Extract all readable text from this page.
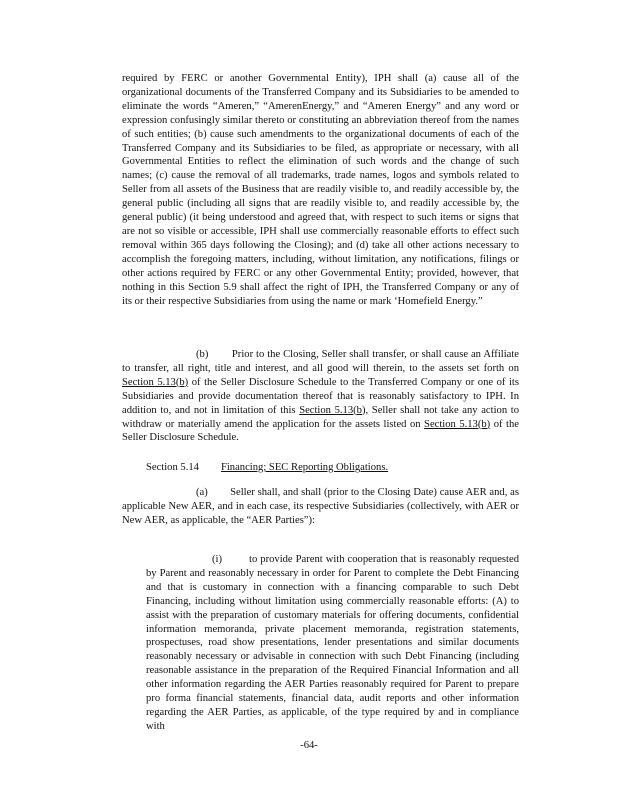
required by FERC or another Governmental Entity), IPH shall (a) cause all of the organizational documents of the Transferred Company and its Subsidiaries to be amended to eliminate the words “Ameren,” “AmerenEnergy,” and “Ameren Energy” and any word or expression confusingly similar thereto or constituting an abbreviation thereof from the names of such entities; (b) cause such amendments to the organizational documents of each of the Transferred Company and its Subsidiaries to be filed, as appropriate or necessary, with all Governmental Entities to reflect the elimination of such words and the change of such names; (c) cause the removal of all trademarks, trade names, logos and symbols related to Seller from all assets of the Business that are readily visible to, and readily accessible by, the general public (including all signs that are readily visible to, and readily accessible by, the general public) (it being understood and agreed that, with respect to such items or signs that are not so visible or accessible, IPH shall use commercially reasonable efforts to effect such removal within 365 days following the Closing); and (d) take all other actions necessary to accomplish the foregoing matters, including, without limitation, any notifications, filings or other actions required by FERC or any other Governmental Entity; provided, however, that nothing in this Section 5.9 shall affect the right of IPH, the Transferred Company or any of its or their respective Subsidiaries from using the name or mark ‘Homefield Energy.”

(b) Prior to the Closing, Seller shall transfer, or shall cause an Affiliate to transfer, all right, title and interest, and all good will therein, to the assets set forth on Section 5.13(b) of the Seller Disclosure Schedule to the Transferred Company or one of its Subsidiaries and provide documentation thereof that is reasonably satisfactory to IPH. In addition to, and not in limitation of this Section 5.13(b), Seller shall not take any action to withdraw or materially amend the application for the assets listed on Section 5.13(b) of the Seller Disclosure Schedule.

Section 5.14 Financing; SEC Reporting Obligations.

(a) Seller shall, and shall (prior to the Closing Date) cause AER and, as applicable New AER, and in each case, its respective Subsidiaries (collectively, with AER or New AER, as applicable, the “AER Parties”):

(i)	to provide Parent with cooperation that is reasonably requested by Parent and reasonably necessary in order for Parent to complete the Debt Financing and that is customary in connection with a financing comparable to such Debt Financing, including without limitation using commercially reasonable efforts: (A) to assist with the preparation of customary materials for offering documents, confidential information memoranda, private placement memoranda, registration statements, prospectuses, road show presentations, lender presentations and similar documents reasonably necessary or advisable in connection with such Debt Financing (including reasonable assistance in the preparation of the Required Financial Information and all other information regarding the AER Parties reasonably required for Parent to prepare pro forma financial statements, financial data, audit reports and other information regarding the AER Parties, as applicable, of the type required by and in compliance with

-64-
